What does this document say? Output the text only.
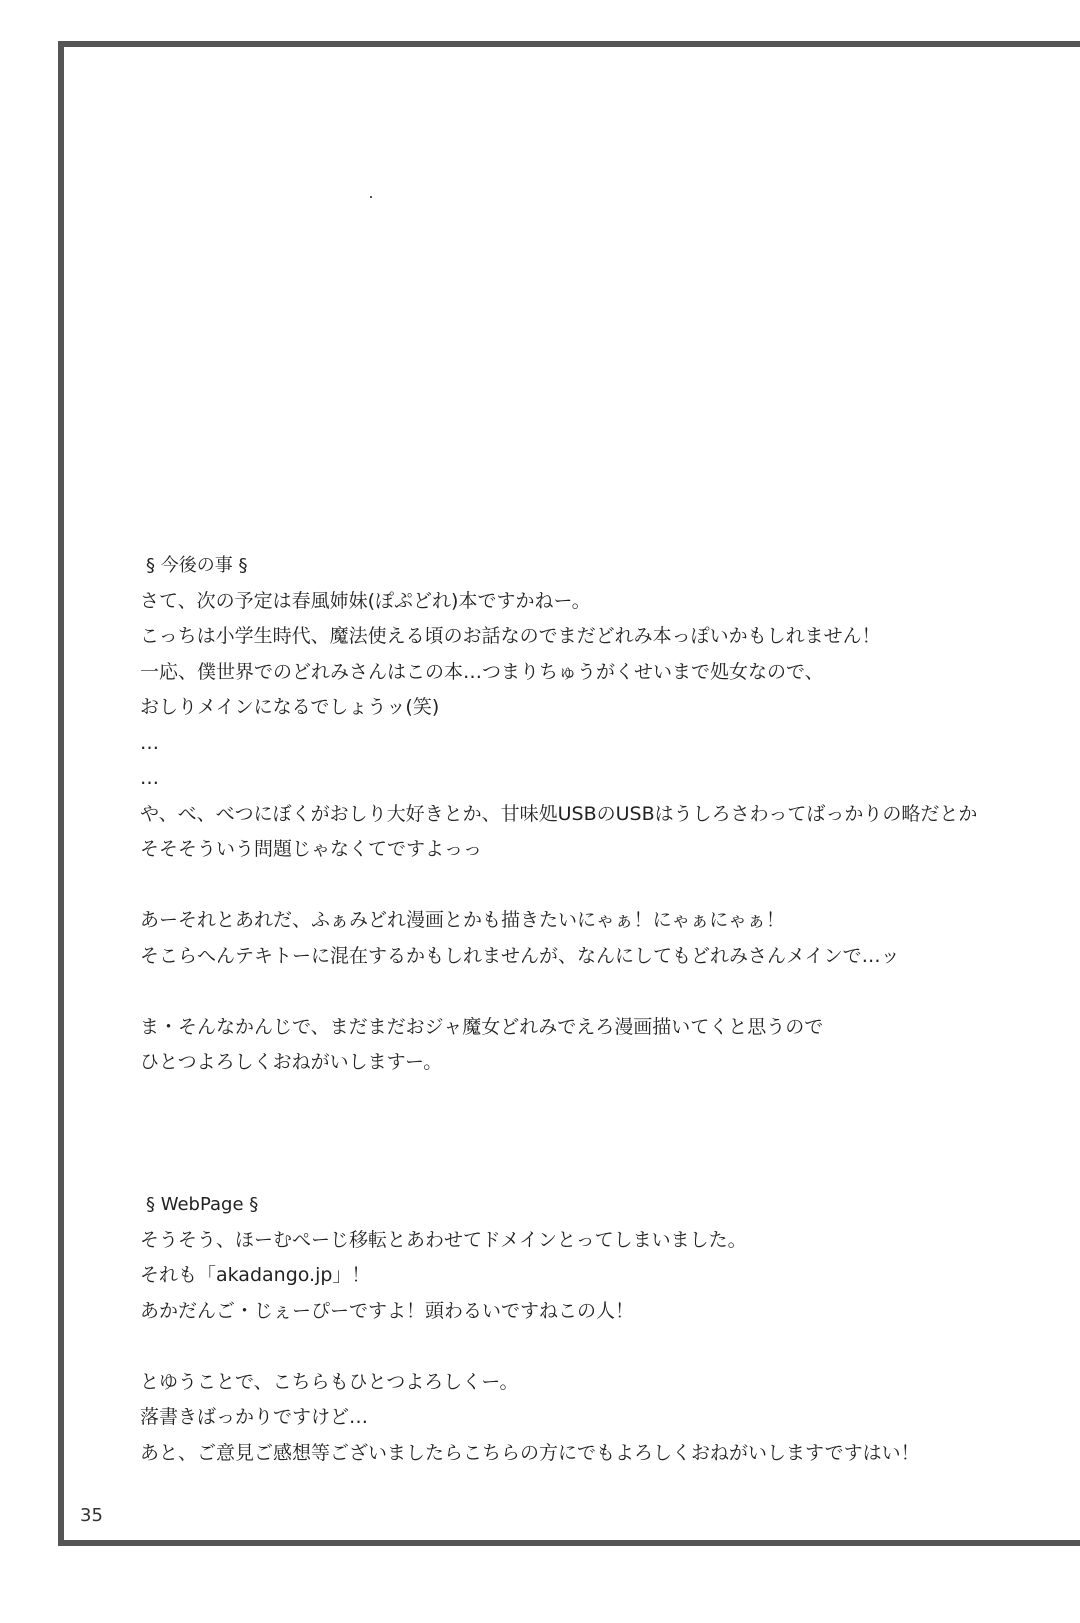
§ 今後の事 §
さて、次の予定は春風姉妹(ぽぷどれ)本ですかねー。
こっちは小学生時代、魔法使える頃のお話なのでまだどれみ本っぽいかもしれません！
一応、僕世界でのどれみさんはこの本…つまりちゅうがくせいまで処女なので、
おしりメインになるでしょうッ(笑)
…
…
や、べ、べつにぼくがおしり大好きとか、甘味処USBのUSBはうしろさわってばっかりの略だとか
そそそういう問題じゃなくてですよっっ
あーそれとあれだ、ふぁみどれ漫画とかも描きたいにゃぁ！にゃぁにゃぁ！
そこらへんテキトーに混在するかもしれませんが、なんにしてもどれみさんメインで…ッ
ま・そんなかんじで、まだまだおジャ魔女どれみでえろ漫画描いてくと思うので
ひとつよろしくおねがいしますー。
§ WebPage §
そうそう、ほーむぺーじ移転とあわせてドメインとってしまいました。
それも「akadango.jp」！
あかだんご・じぇーぴーですよ！頭わるいですねこの人！
とゆうことで、こちらもひとつよろしくー。
落書きばっかりですけど…
あと、ご意見ご感想等ございましたらこちらの方にでもよろしくおねがいしますですはい！
35
